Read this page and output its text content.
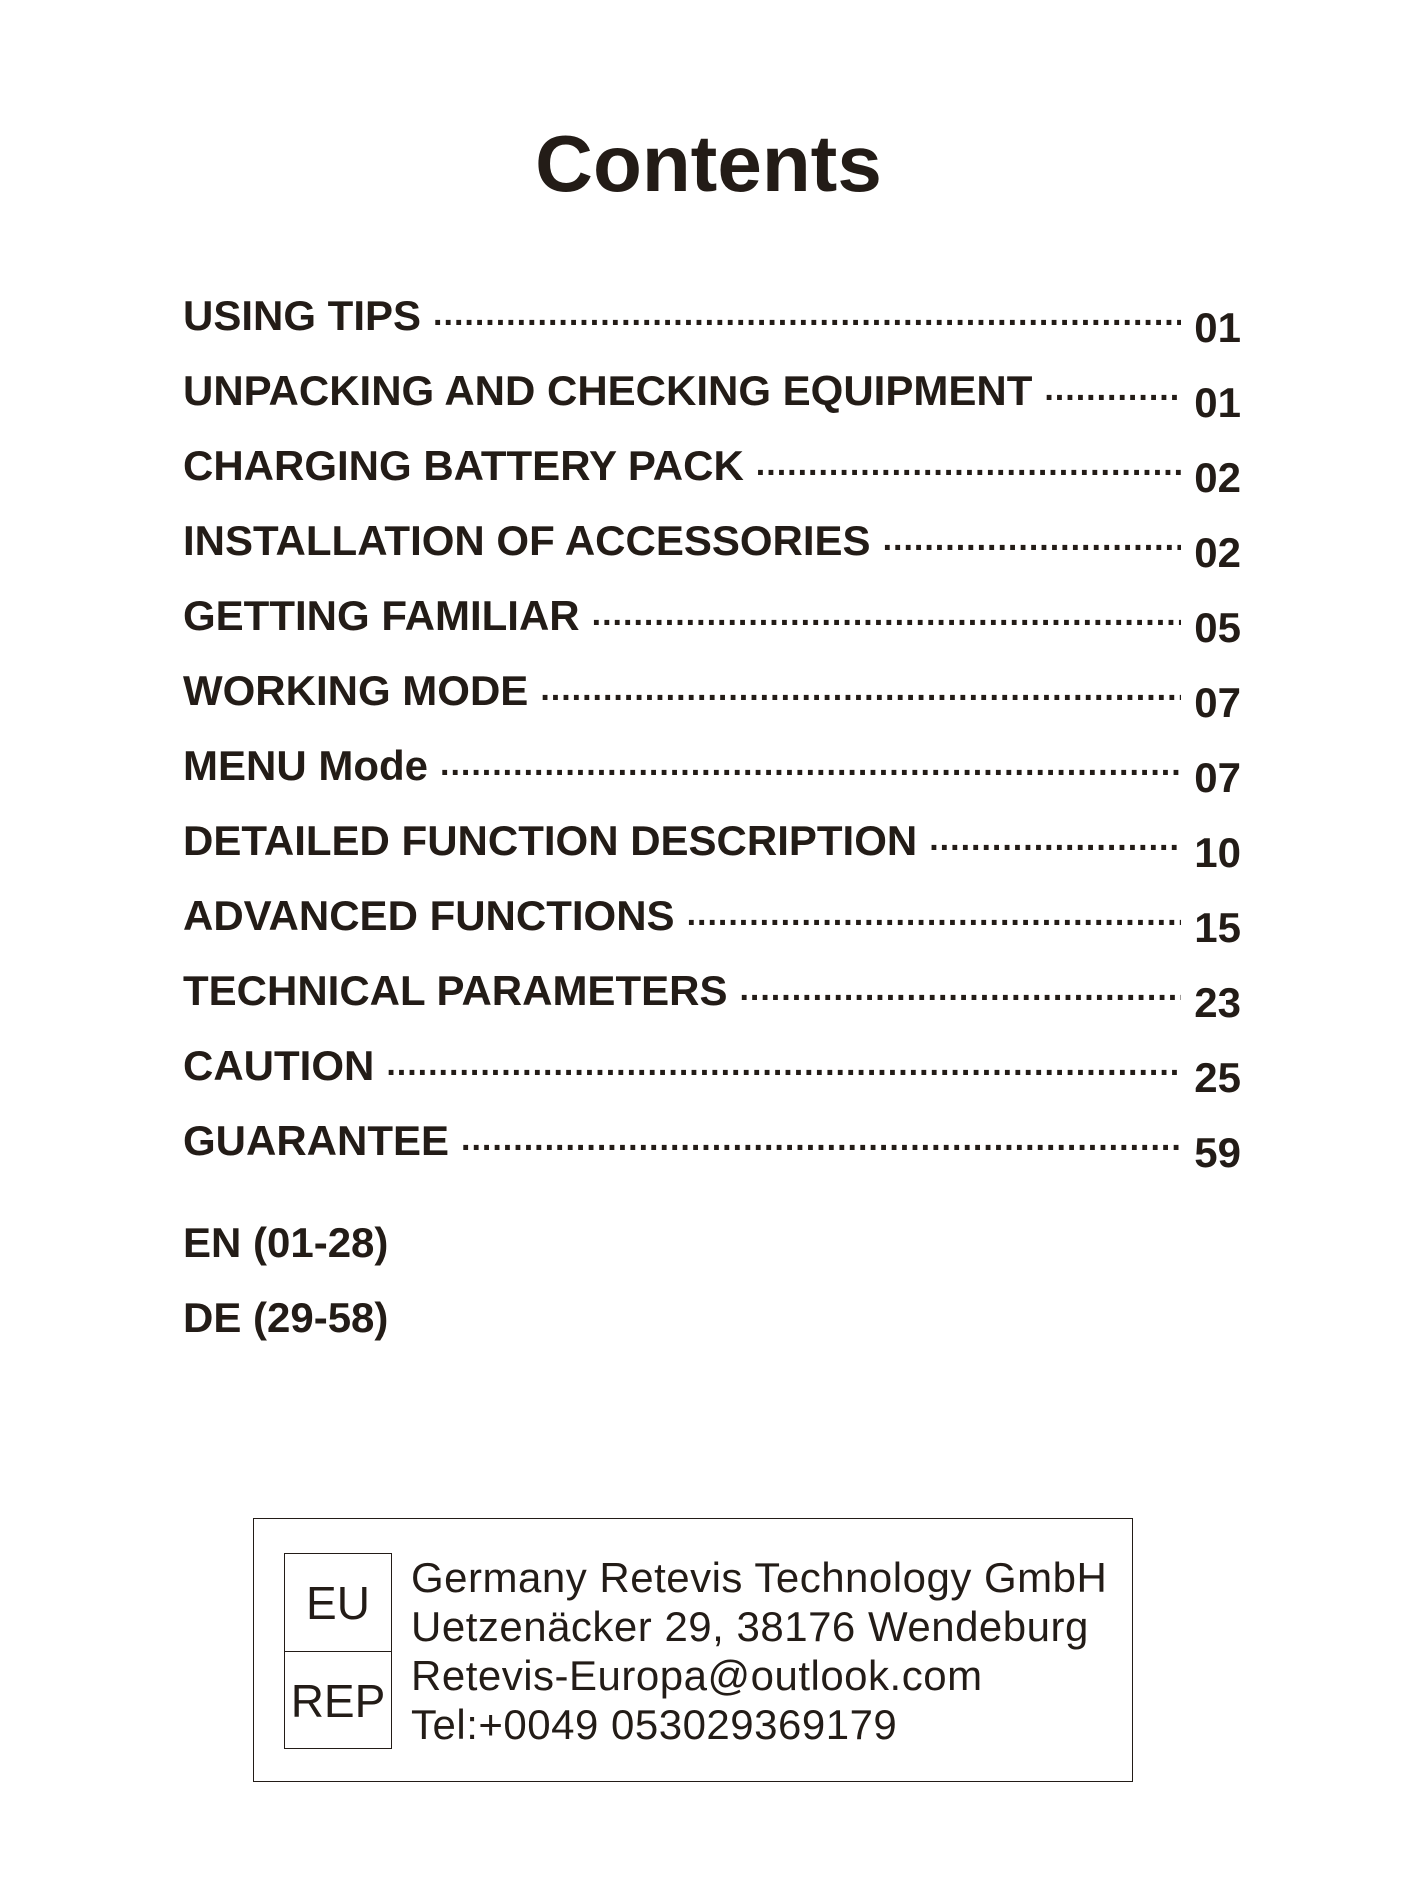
Contents
USING TIPS .....	01
UNPACKING AND CHECKING EQUIPMENT .....	01
CHARGING BATTERY PACK .....	02
INSTALLATION OF ACCESSORIES .....	02
GETTING FAMILIAR .....	05
WORKING MODE .....	07
MENU Mode .....	07
DETAILED FUNCTION DESCRIPTION .....	10
ADVANCED FUNCTIONS .....	15
TECHNICAL PARAMETERS .....	23
CAUTION .....	25
GUARANTEE .....	59
EN (01-28)
DE (29-58)
EU
REP
Germany Retevis Technology GmbH
Uetzenäcker 29, 38176 Wendeburg
Retevis-Europa@outlook.com
Tel:+0049 053029369179
